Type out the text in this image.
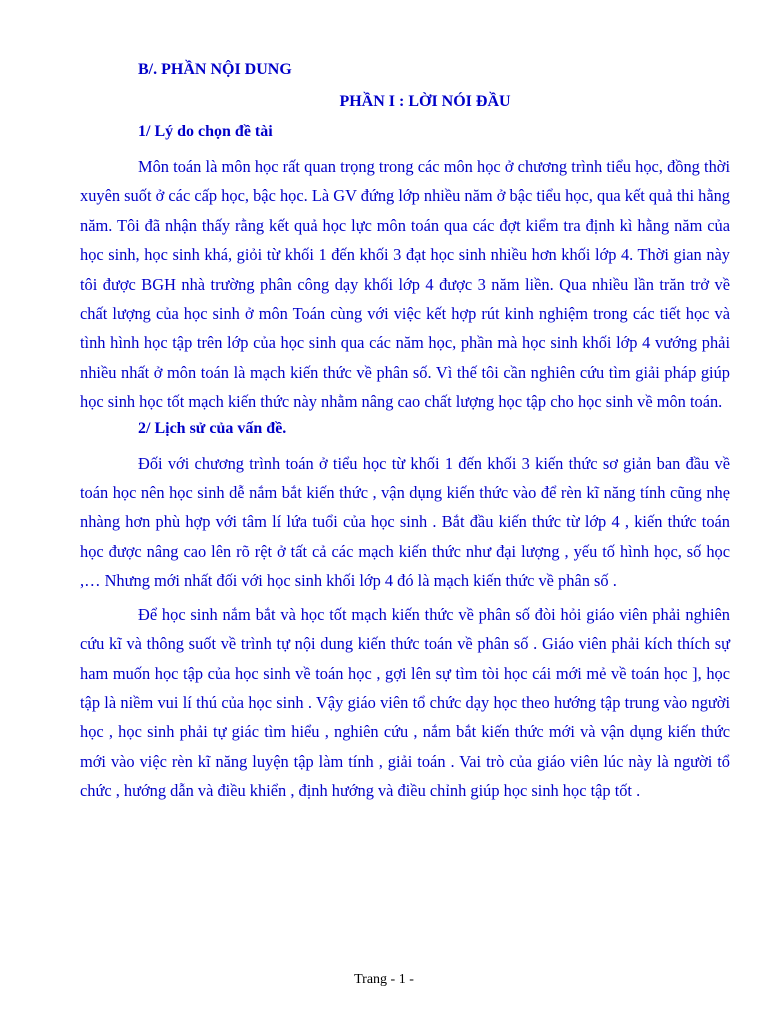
B/. PHẦN NỘI DUNG
PHẦN I : LỜI NÓI ĐẦU
1/ Lý do chọn đề tài

Môn toán là môn học rất quan trọng trong các môn học ở chương trình tiểu học, đồng thời xuyên suốt ở các cấp học, bậc học. Là GV đứng lớp nhiều năm ở bậc tiểu học, qua kết quả thi hằng năm. Tôi đã nhận thấy rằng kết quả học lực môn toán qua các đợt kiểm tra định kì hằng năm của học sinh, học sinh khá, giỏi từ khối 1 đến khối 3 đạt học sinh nhiều hơn khối lớp 4. Thời gian này tôi được BGH nhà trường phân công dạy khối lớp 4 được 3 năm liền. Qua nhiều lần trăn trở về chất lượng của học sinh ở môn Toán cùng với việc kết hợp rút kinh nghiệm trong các tiết học và tình hình học tập trên lớp của học sinh qua các năm học, phần mà học sinh khối lớp 4 vướng phải nhiều nhất ở môn toán là mạch kiến thức về phân số. Vì thế tôi cần nghiên cứu tìm giải pháp giúp học sinh học tốt mạch kiến thức này nhằm nâng cao chất lượng học tập cho học sinh về môn toán.

2/ Lịch sử của vấn đề.

Đối với chương trình toán ở tiểu học từ khối 1 đến khối 3 kiến thức sơ giản ban đầu về toán học nên học sinh dễ nắm bắt kiến thức , vận dụng kiến thức vào để rèn kĩ năng tính cũng nhẹ nhàng hơn phù hợp với tâm lí lứa tuổi của học sinh . Bắt đầu kiến thức từ lớp 4 , kiến thức toán học được nâng cao lên rõ rệt ở tất cả các mạch kiến thức như đại lượng , yếu tố hình học, số học ,… Nhưng mới nhất đối với học sinh khối lớp 4 đó là mạch kiến thức về phân số .

Để học sinh nắm bắt và học tốt mạch kiến thức về phân số đòi hỏi giáo viên phải nghiên cứu kĩ và thông suốt về trình tự nội dung kiến thức toán về phân số . Giáo viên phải kích thích sự ham muốn học tập của học sinh về toán học , gợi lên sự tìm tòi học cái mới mẻ về toán học ], học tập là niềm vui lí thú của học sinh . Vậy giáo viên tổ chức dạy học theo hướng tập trung vào người học , học sinh phải tự giác tìm hiểu , nghiên cứu , nắm bắt kiến thức mới và vận dụng kiến thức mới vào việc rèn kĩ năng luyện tập làm tính , giải toán . Vai trò của giáo viên lúc này là người tổ chức , hướng dẫn và điều khiển , định hướng và điều chỉnh giúp học sinh học tập tốt .

Trang - 1 -
